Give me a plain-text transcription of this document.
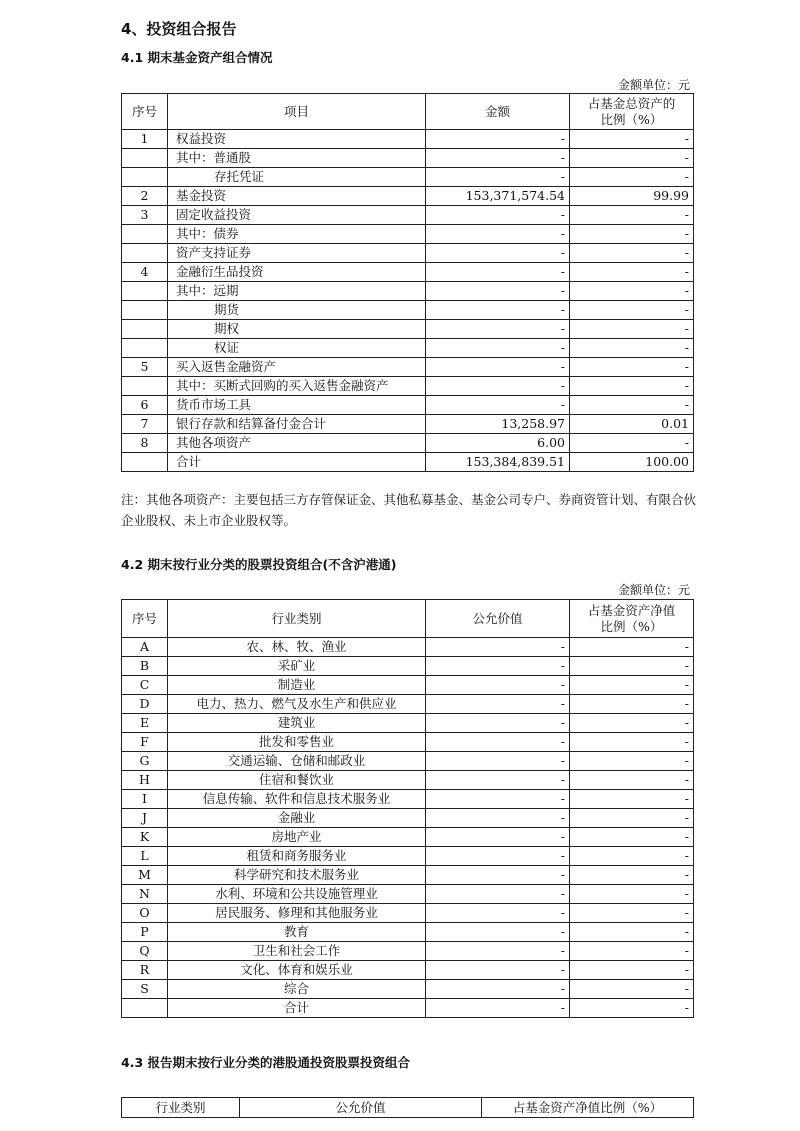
4、投资组合报告
4.1 期末基金资产组合情况
金额单位：元
序号	项目	金额	占基金总资产的
比例（%）

1	权益投资	-	-
	其中：普通股	-	-
	存托凭证	-	-
2	基金投资	153,371,574.54	99.99
3	固定收益投资	-	-
	其中：债券	-	-
	资产支持证券	-	-
4	金融衍生品投资	-	-
	其中：远期	-	-
	期货	-	-
	期权	-	-
	权证	-	-
5	买入返售金融资产	-	-
	其中：买断式回购的买入返售金融资产	-	-
6	货币市场工具	-	-
7	银行存款和结算备付金合计	13,258.97	0.01
8	其他各项资产	6.00	-
	合计	153,384,839.51	100.00
注：其他各项资产：主要包括三方存管保证金、其他私募基金、基金公司专户、券商资管计划、有限合伙企业股权、未上市企业股权等。
4.2 期末按行业分类的股票投资组合(不含沪港通)
金额单位：元
序号	行业类别	公允价值	占基金资产净值
比例（%）

A	农、林、牧、渔业	-	-
B	采矿业	-	-
C	制造业	-	-
D	电力、热力、燃气及水生产和供应业	-	-
E	建筑业	-	-
F	批发和零售业	-	-
G	交通运输、仓储和邮政业	-	-
H	住宿和餐饮业	-	-
I	信息传输、软件和信息技术服务业	-	-
J	金融业	-	-
K	房地产业	-	-
L	租赁和商务服务业	-	-
M	科学研究和技术服务业	-	-
N	水利、环境和公共设施管理业	-	-
O	居民服务、修理和其他服务业	-	-
P	教育	-	-
Q	卫生和社会工作	-	-
R	文化、体育和娱乐业	-	-
S	综合	-	-
	合计	-	-
4.3 报告期末按行业分类的港股通投资股票投资组合
行业类别	公允价值	占基金资产净值比例（%）
